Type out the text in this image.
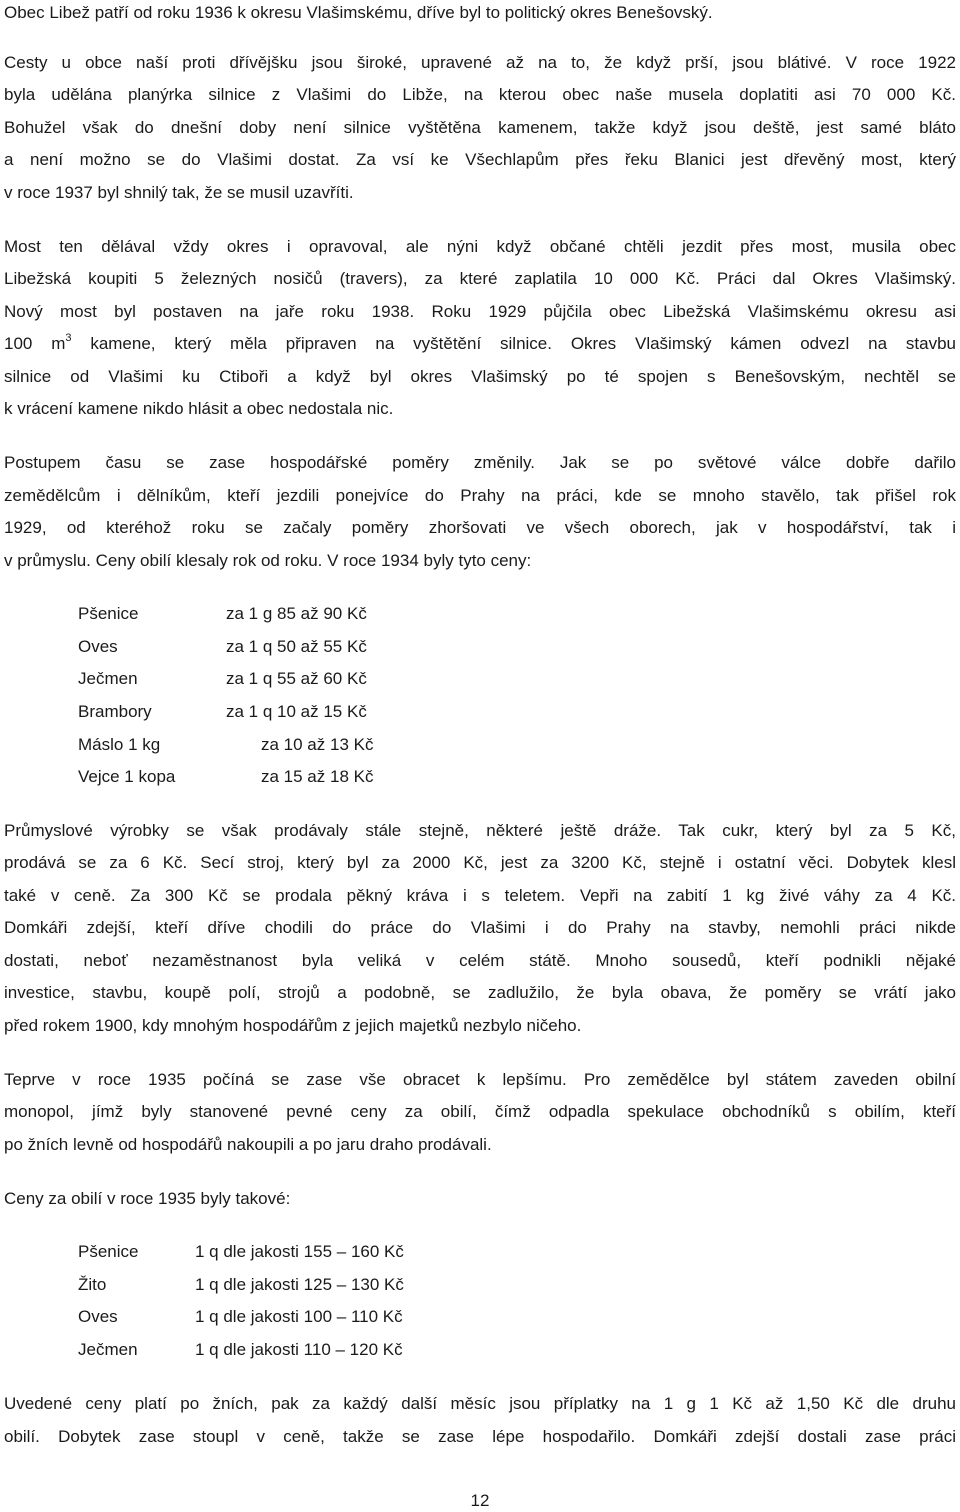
Obec Libež patří od roku 1936 k okresu Vlašimskému, dříve byl to politický okres Benešovský.
Cesty u obce naší proti dřívějšku jsou široké, upravené až na to, že když prší, jsou blátivé. V roce 1922
byla udělána planýrka silnice z Vlašimi do Libže, na kterou obec naše musela doplatiti asi 70 000 Kč.
Bohužel však do dnešní doby není silnice vyštětěna kamenem, takže když jsou deště, jest samé bláto
a není možno se do Vlašimi dostat. Za vsí ke Všechlapům přes řeku Blanici jest dřevěný most, který
v roce 1937 byl shnilý tak, že se musil uzavříti.
Most ten dělával vždy okres i opravoval, ale nýni když občané chtěli jezdit přes most, musila obec
Libežská koupiti 5 železných nosičů (travers), za které zaplatila 10 000 Kč. Práci dal Okres Vlašimský.
Nový most byl postaven na jaře roku 1938. Roku 1929 půjčila obec Libežská Vlašimskému okresu asi
100 $m^3$ kamene, který měla připraven na vyštětění silnice. Okres Vlašimský kámen odvezl na stavbu
silnice od Vlašimi ku Ctiboři a když byl okres Vlašimský po té spojen s Benešovským, nechtěl se
k vrácení kamene nikdo hlásit a obec nedostala nic.
Postupem času se zase hospodářské poměry změnily. Jak se po světové válce dobře dařilo
zemědělcům i dělníkům, kteří jezdili ponejvíce do Prahy na práci, kde se mnoho stavělo, tak přišel rok
1929, od kteréhož roku se začaly poměry zhoršovati ve všech oborech, jak v hospodářství, tak i
v průmyslu. Ceny obilí klesaly rok od roku. V roce 1934 byly tyto ceny:
Pšenice	za 1 g 85 až 90 Kč
Oves	za 1 q 50 až 55 Kč
Ječmen	za 1 q 55 až 60 Kč
Brambory	za 1 q 10 až 15 Kč
Máslo 1 kg	za 10 až 13 Kč
Vejce 1 kopa	za 15 až 18 Kč
Průmyslové výrobky se však prodávaly stále stejně, některé ještě dráže. Tak cukr, který byl za 5 Kč,
prodává se za 6 Kč. Secí stroj, který byl za 2000 Kč, jest za 3200 Kč, stejně i ostatní věci. Dobytek klesl
také v ceně. Za 300 Kč se prodala pěkný kráva i s teletem. Vepři na zabití 1 kg živé váhy za 4 Kč.
Domkáři zdejší, kteří dříve chodili do práce do Vlašimi i do Prahy na stavby, nemohli práci nikde
dostati, neboť nezaměstnanost byla veliká v celém státě. Mnoho sousedů, kteří podnikli nějaké
investice, stavbu, koupě polí, strojů a podobně, se zadlužilo, že byla obava, že poměry se vrátí jako
před rokem 1900, kdy mnohým hospodářům z jejich majetků nezbylo ničeho.
Teprve v roce 1935 počíná se zase vše obracet k lepšímu. Pro zemědělce byl státem zaveden obilní
monopol, jímž byly stanovené pevné ceny za obilí, čímž odpadla spekulace obchodníků s obilím, kteří
po žních levně od hospodářů nakoupili a po jaru draho prodávali.
Ceny za obilí v roce 1935 byly takové:
Pšenice	1 q dle jakosti 155 – 160 Kč
Žito	1 q dle jakosti 125 – 130 Kč
Oves	1 q dle jakosti 100 – 110 Kč
Ječmen	1 q dle jakosti 110 – 120 Kč
Uvedené ceny platí po žních, pak za každý další měsíc jsou příplatky na 1 g 1 Kč až 1,50 Kč dle druhu
obilí. Dobytek zase stoupl v ceně, takže se zase lépe hospodařilo. Domkáři zdejší dostali zase práci
12
